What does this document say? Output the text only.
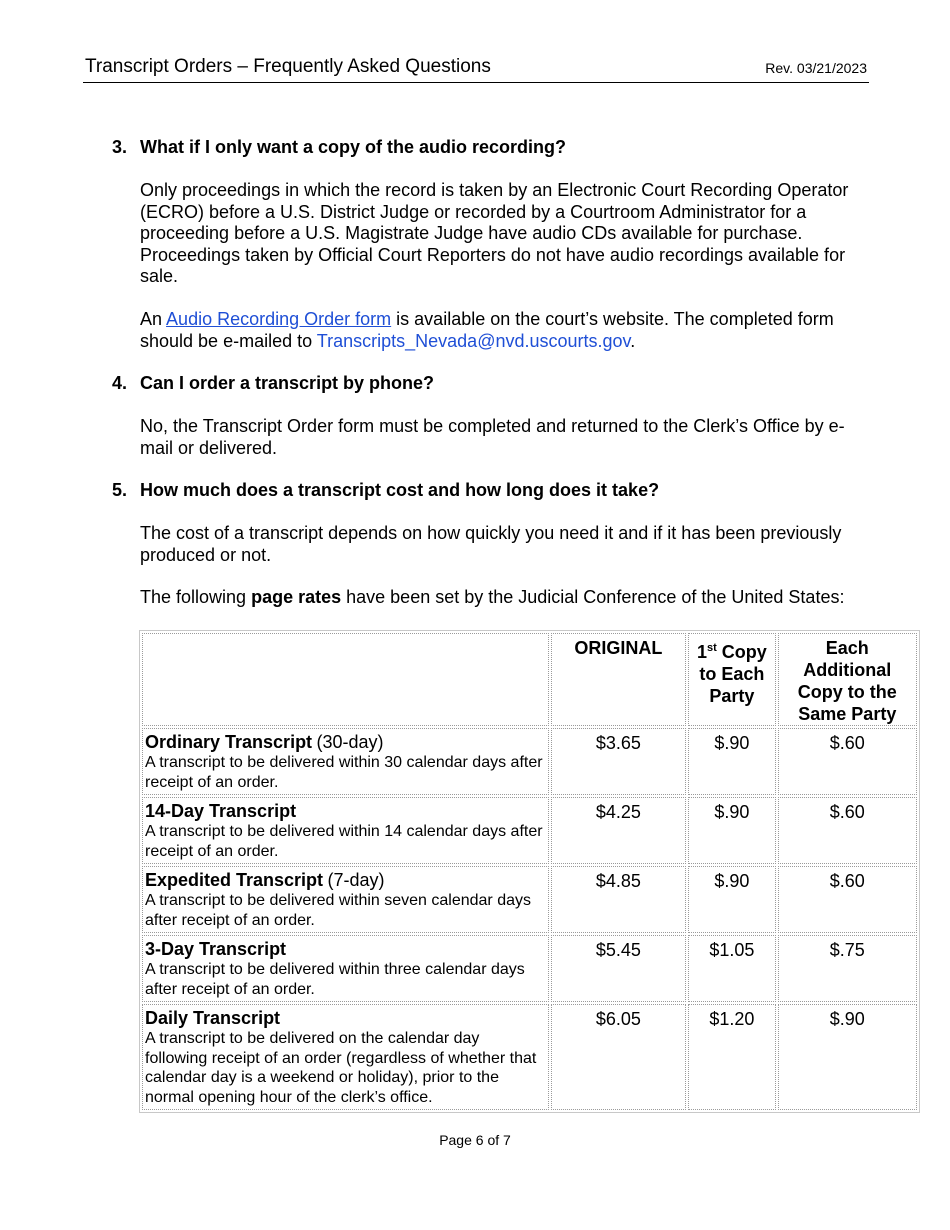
Transcript Orders – Frequently Asked Questions	Rev. 03/21/2023
3. What if I only want a copy of the audio recording?

Only proceedings in which the record is taken by an Electronic Court Recording Operator (ECRO) before a U.S. District Judge or recorded by a Courtroom Administrator for a proceeding before a U.S. Magistrate Judge have audio CDs available for purchase. Proceedings taken by Official Court Reporters do not have audio recordings available for sale.

An Audio Recording Order form is available on the court’s website. The completed form should be e-mailed to Transcripts_Nevada@nvd.uscourts.gov.

4. Can I order a transcript by phone?

No, the Transcript Order form must be completed and returned to the Clerk’s Office by e-mail or delivered.

5. How much does a transcript cost and how long does it take?

The cost of a transcript depends on how quickly you need it and if it has been previously produced or not.

The following page rates have been set by the Judicial Conference of the United States:

	ORIGINAL	1st Copy to Each Party	Each Additional Copy to the Same Party
Ordinary Transcript (30-day)
A transcript to be delivered within 30 calendar days after receipt of an order.	$3.65	$.90	$.60
14-Day Transcript
A transcript to be delivered within 14 calendar days after receipt of an order.	$4.25	$.90	$.60
Expedited Transcript (7-day)
A transcript to be delivered within seven calendar days after receipt of an order.	$4.85	$.90	$.60
3-Day Transcript
A transcript to be delivered within three calendar days after receipt of an order.	$5.45	$1.05	$.75
Daily Transcript
A transcript to be delivered on the calendar day following receipt of an order (regardless of whether that calendar day is a weekend or holiday), prior to the normal opening hour of the clerk’s office.	$6.05	$1.20	$.90
Page 6 of 7
